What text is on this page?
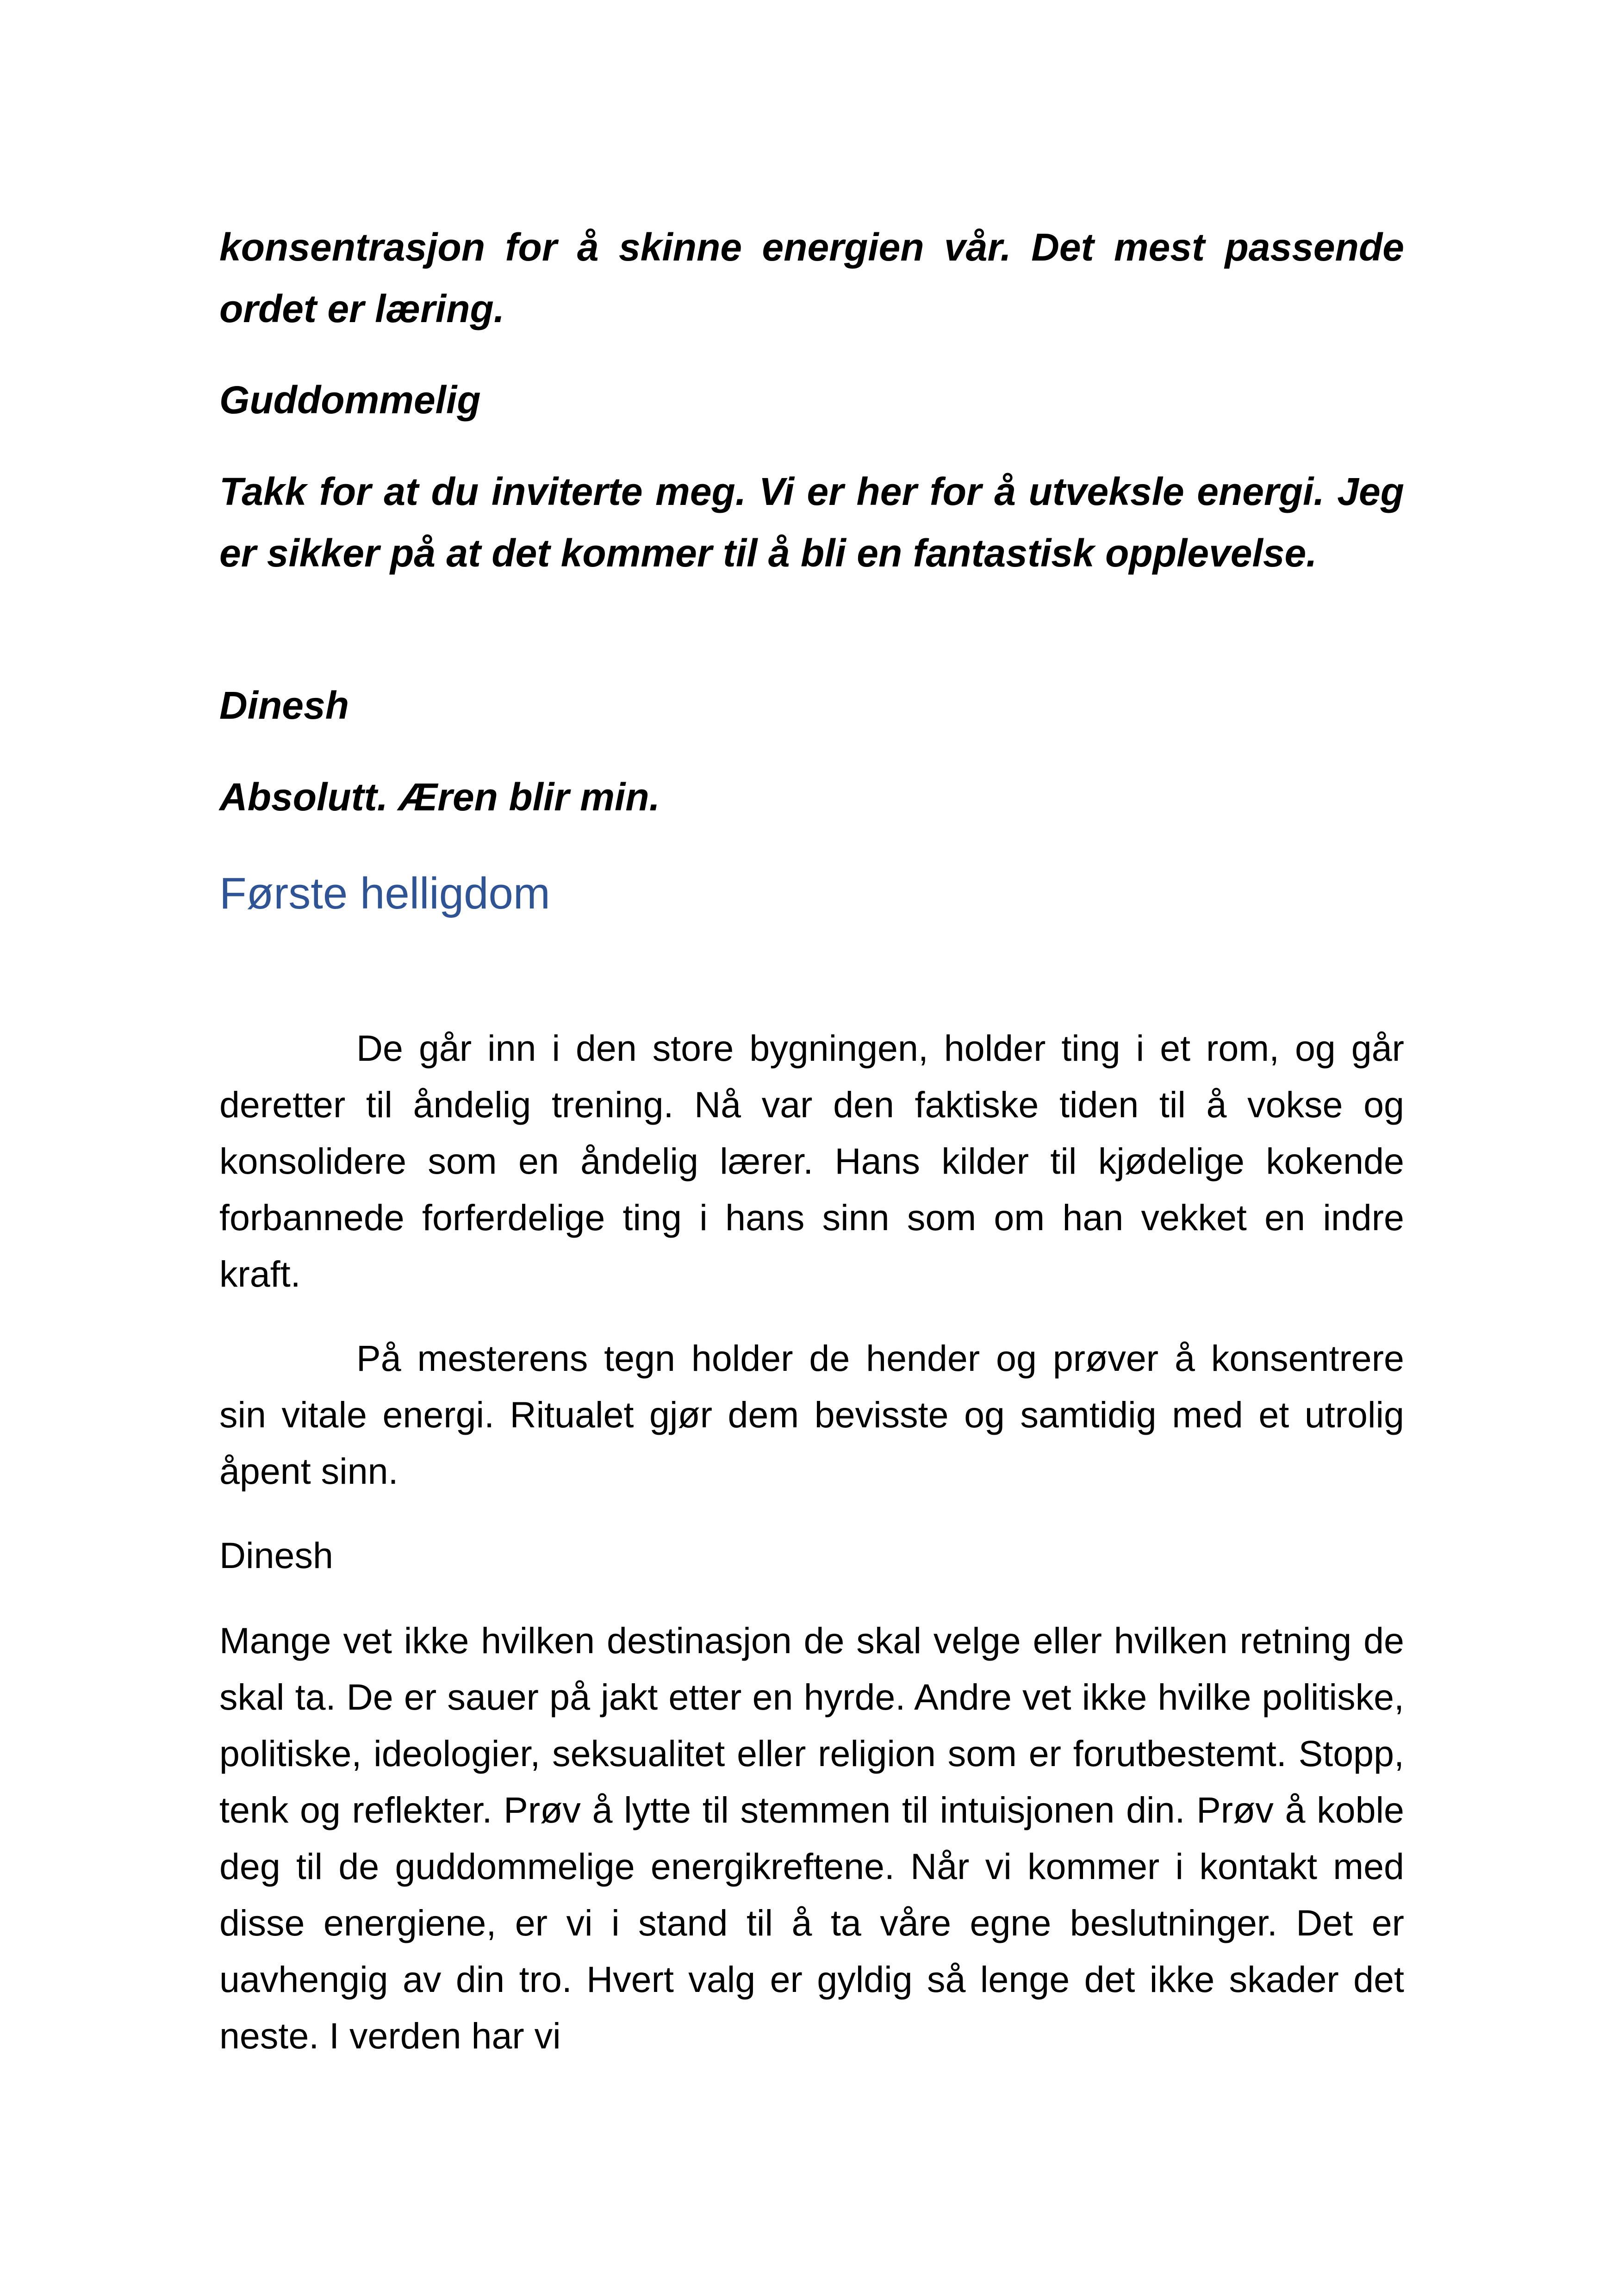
konsentrasjon for å skinne energien vår. Det mest passende ordet er læring.

Guddommelig

Takk for at du inviterte meg. Vi er her for å utveksle energi. Jeg er sikker på at det kommer til å bli en fantastisk opplevelse.

Dinesh

Absolutt. Æren blir min.

Første helligdom

De går inn i den store bygningen, holder ting i et rom, og går deretter til åndelig trening. Nå var den faktiske tiden til å vokse og konsolidere som en åndelig lærer. Hans kilder til kjødelige kokende forbannede forferdelige ting i hans sinn som om han vekket en indre kraft.

På mesterens tegn holder de hender og prøver å konsentrere sin vitale energi. Ritualet gjør dem bevisste og samtidig med et utrolig åpent sinn.

Dinesh

Mange vet ikke hvilken destinasjon de skal velge eller hvilken retning de skal ta. De er sauer på jakt etter en hyrde. Andre vet ikke hvilke politiske, politiske, ideologier, seksualitet eller religion som er forutbestemt. Stopp, tenk og reflekter. Prøv å lytte til stemmen til intuisjonen din. Prøv å koble deg til de guddommelige energikreftene. Når vi kommer i kontakt med disse energiene, er vi i stand til å ta våre egne beslutninger. Det er uavhengig av din tro. Hvert valg er gyldig så lenge det ikke skader det neste. I verden har vi
